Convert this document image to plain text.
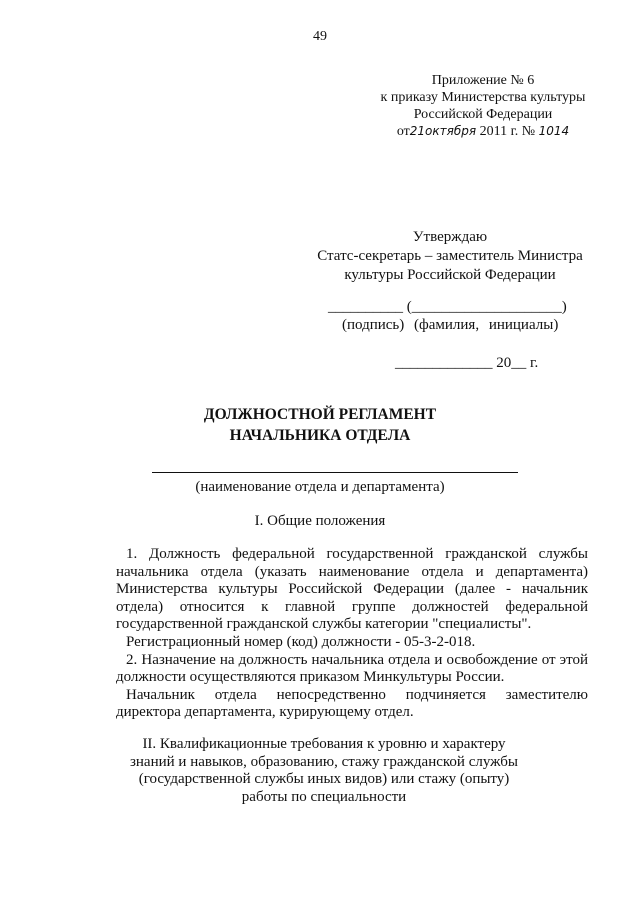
49
Приложение № 6
к приказу Министерства культуры
Российской Федерации
от21октября 2011 г. № 1014
Утверждаю
Статс-секретарь – заместитель Министра
культуры Российской Федерации
__________ (____________________)
(подпись) (фамилия, инициалы)
_____________ 20__ г.
ДОЛЖНОСТНОЙ РЕГЛАМЕНТ
НАЧАЛЬНИКА ОТДЕЛА
(наименование отдела и департамента)
I. Общие положения

1. Должность федеральной государственной гражданской службы начальника отдела (указать наименование отдела и департамента) Министерства культуры Российской Федерации (далее - начальник отдела) относится к главной группе должностей федеральной государственной гражданской службы категории "специалисты".

Регистрационный номер (код) должности - 05-3-2-018.

2. Назначение на должность начальника отдела и освобождение от этой должности осуществляются приказом Минкультуры России.

Начальник отдела непосредственно подчиняется заместителю директора департамента, курирующему отдел.

II. Квалификационные требования к уровню и характеру знаний и навыков, образованию, стажу гражданской службы (государственной службы иных видов) или стажу (опыту) работы по специальности
